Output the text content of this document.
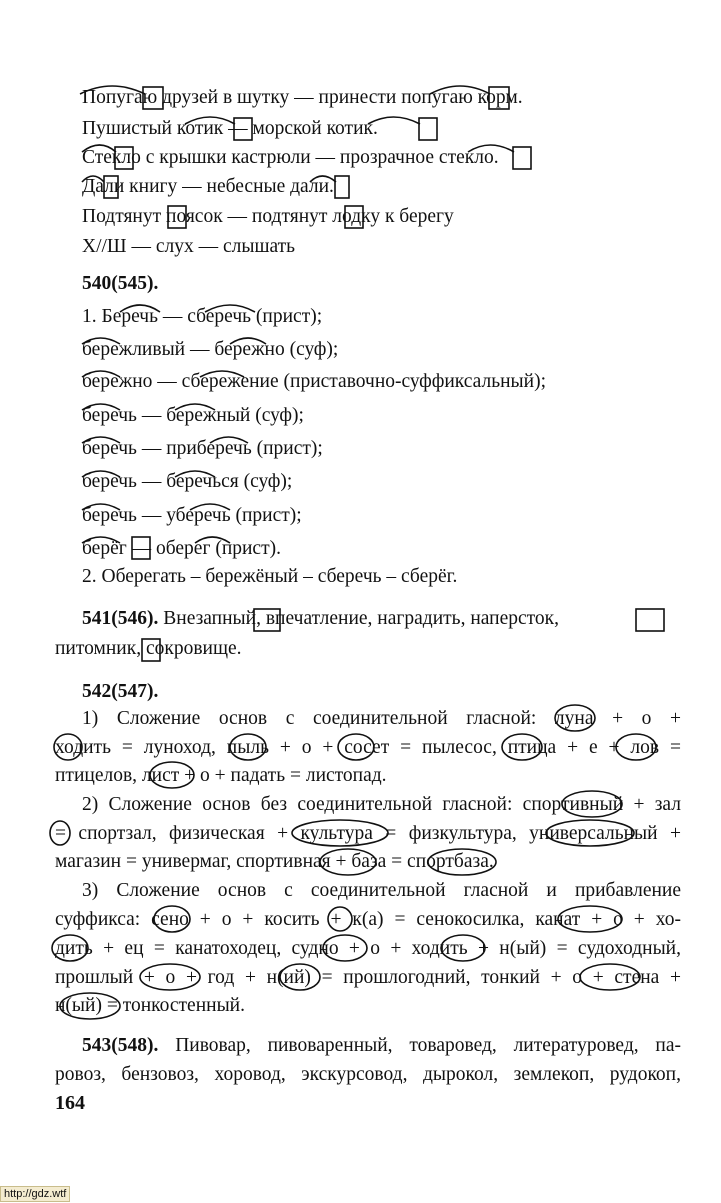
Попугаю друзей в шутку — принести попугаю корм.
Пушистый котик — морской котик.
Стекло с крышки кастрюли — прозрачное стекло.
Дали книгу — небесные дали.
Подтянут поясок — подтянут лодку к берегу
Х//Ш — слух — слышать
540(545).
1. Беречь — сберечь (прист);
бережливый — бережно (суф);
бережно — сбережение (приставочно-суффиксальный);
беречь — бережный (суф);
беречь — приберечь (прист);
беречь — беречься (суф);
беречь — уберечь (прист);
берёг — оберег (прист).
2. Оберегать – бережёный – сберечь – сберёг.
541(546). Внезапный, впечатление, наградить, наперсток,
питомник, сокровище.
542(547).
1) Сложение основ с соединительной гласной: луна + о +
ходить = луноход, пыль + о + сосет = пылесос, птица + е + лов =
птицелов, лист + о + падать = листопад.
2) Сложение основ без соединительной гласной: спортивный + зал
= спортзал, физическая + культура = физкультура, универсальный +
магазин = универмаг, спортивная + база = спортбаза.
3) Сложение основ с соединительной гласной и прибавление
суффикса: сено + о + косить + к(а) = сенокосилка, канат + о + хо-
дить + ец = канатоходец, судно + о + ходить + н(ый) = судоходный,
прошлый + о + год + н(ий) = прошлогодний, тонкий + о + стена +
н(ый) = тонкостенный.
543(548). Пивовар, пивоваренный, товаровед, литературовед, па-
ровоз, бензовоз, хоровод, экскурсовод, дырокол, землекоп, рудокоп,
164
http://gdz.wtf
